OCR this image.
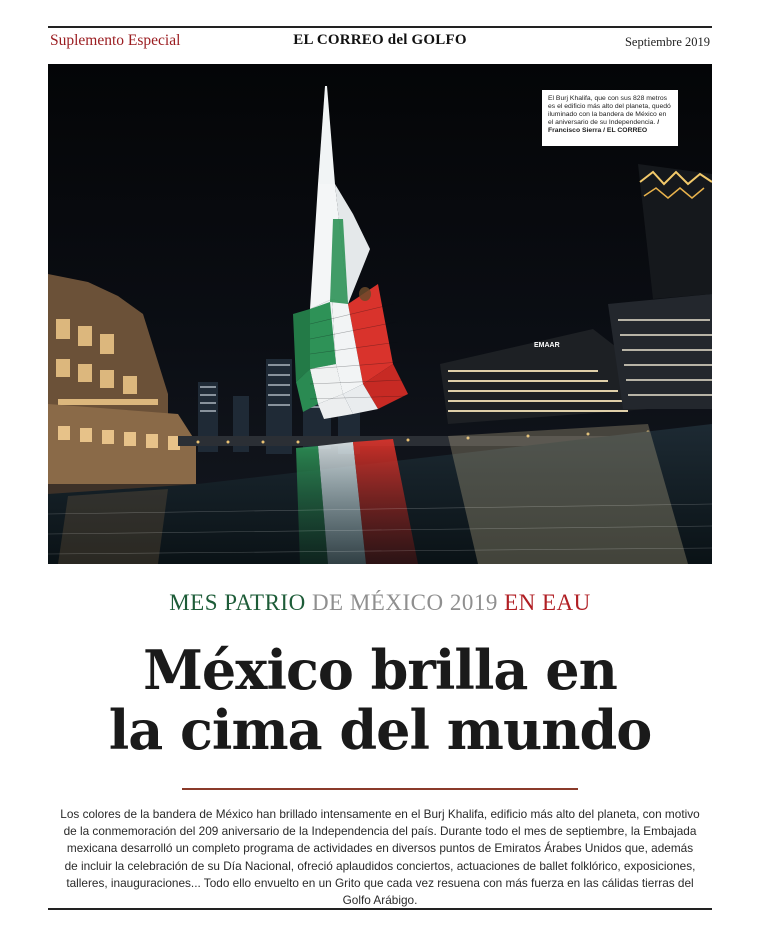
Suplemento Especial	EL CORREO del GOLFO	Septiembre 2019
EMAAR
El Burj Khalifa, que con sus 828 metros es el edificio más alto del planeta, quedó iluminado con la bandera de México en el aniversario de su Independencia. / Francisco Sierra / EL CORREO
MES PATRIO DE MÉXICO 2019 EN EAU
México brilla en
la cima del mundo
Los colores de la bandera de México han brillado intensamente en el Burj Khalifa, edificio más alto del planeta, con motivo de la conmemoración del 209 aniversario de la Independencia del país. Durante todo el mes de septiembre, la Embajada mexicana desarrolló un completo programa de actividades en diversos puntos de Emiratos Árabes Unidos que, además de incluir la celebración de su Día Nacional, ofreció aplaudidos conciertos, actuaciones de ballet folklórico, exposiciones, talleres, inauguraciones... Todo ello envuelto en un Grito que cada vez resuena con más fuerza en las cálidas tierras del Golfo Arábigo.
